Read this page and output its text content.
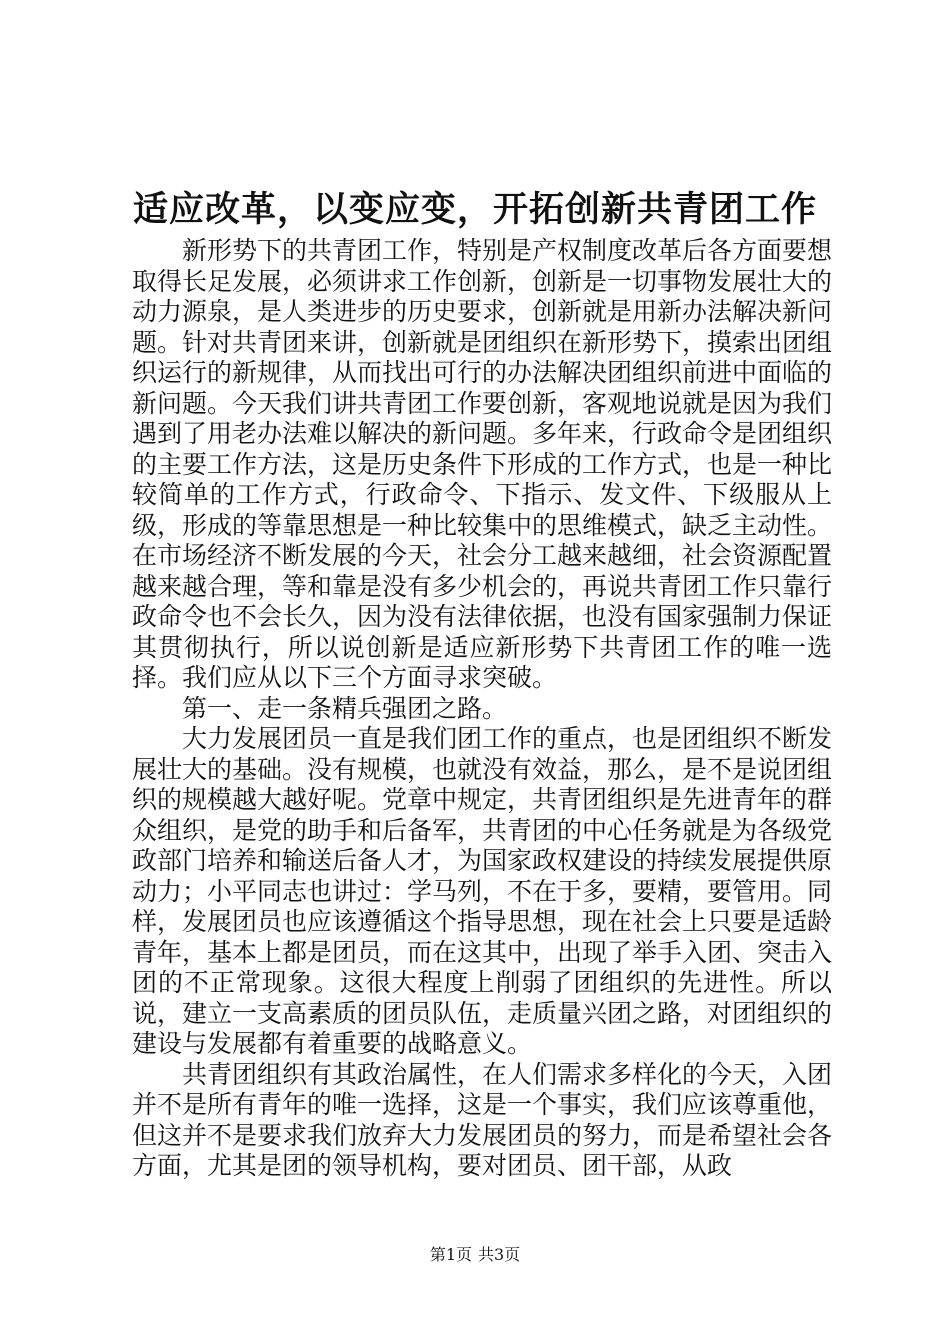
适应改革，以变应变，开拓创新共青团工作

新形势下的共青团工作，特别是产权制度改革后各方面要想取得长足发展，必须讲求工作创新，创新是一切事物发展壮大的动力源泉，是人类进步的历史要求，创新就是用新办法解决新问题。针对共青团来讲，创新就是团组织在新形势下，摸索出团组织运行的新规律，从而找出可行的办法解决团组织前进中面临的新问题。今天我们讲共青团工作要创新，客观地说就是因为我们遇到了用老办法难以解决的新问题。多年来，行政命令是团组织的主要工作方法，这是历史条件下形成的工作方式，也是一种比较简单的工作方式，行政命令、下指示、发文件、下级服从上级，形成的等靠思想是一种比较集中的思维模式，缺乏主动性。在市场经济不断发展的今天，社会分工越来越细，社会资源配置越来越合理，等和靠是没有多少机会的，再说共青团工作只靠行政命令也不会长久，因为没有法律依据，也没有国家强制力保证其贯彻执行，所以说创新是适应新形势下共青团工作的唯一选择。我们应从以下三个方面寻求突破。

第一、走一条精兵强团之路。

大力发展团员一直是我们团工作的重点，也是团组织不断发展壮大的基础。没有规模，也就没有效益，那么，是不是说团组织的规模越大越好呢。党章中规定，共青团组织是先进青年的群众组织，是党的助手和后备军，共青团的中心任务就是为各级党政部门培养和输送后备人才，为国家政权建设的持续发展提供原动力；小平同志也讲过：学马列，不在于多，要精，要管用。同样，发展团员也应该遵循这个指导思想，现在社会上只要是适龄青年，基本上都是团员，而在这其中，出现了举手入团、突击入团的不正常现象。这很大程度上削弱了团组织的先进性。所以说，建立一支高素质的团员队伍，走质量兴团之路，对团组织的建设与发展都有着重要的战略意义。

共青团组织有其政治属性，在人们需求多样化的今天，入团并不是所有青年的唯一选择，这是一个事实，我们应该尊重他，但这并不是要求我们放弃大力发展团员的努力，而是希望社会各方面，尤其是团的领导机构，要对团员、团干部，从政

第1页 共3页
